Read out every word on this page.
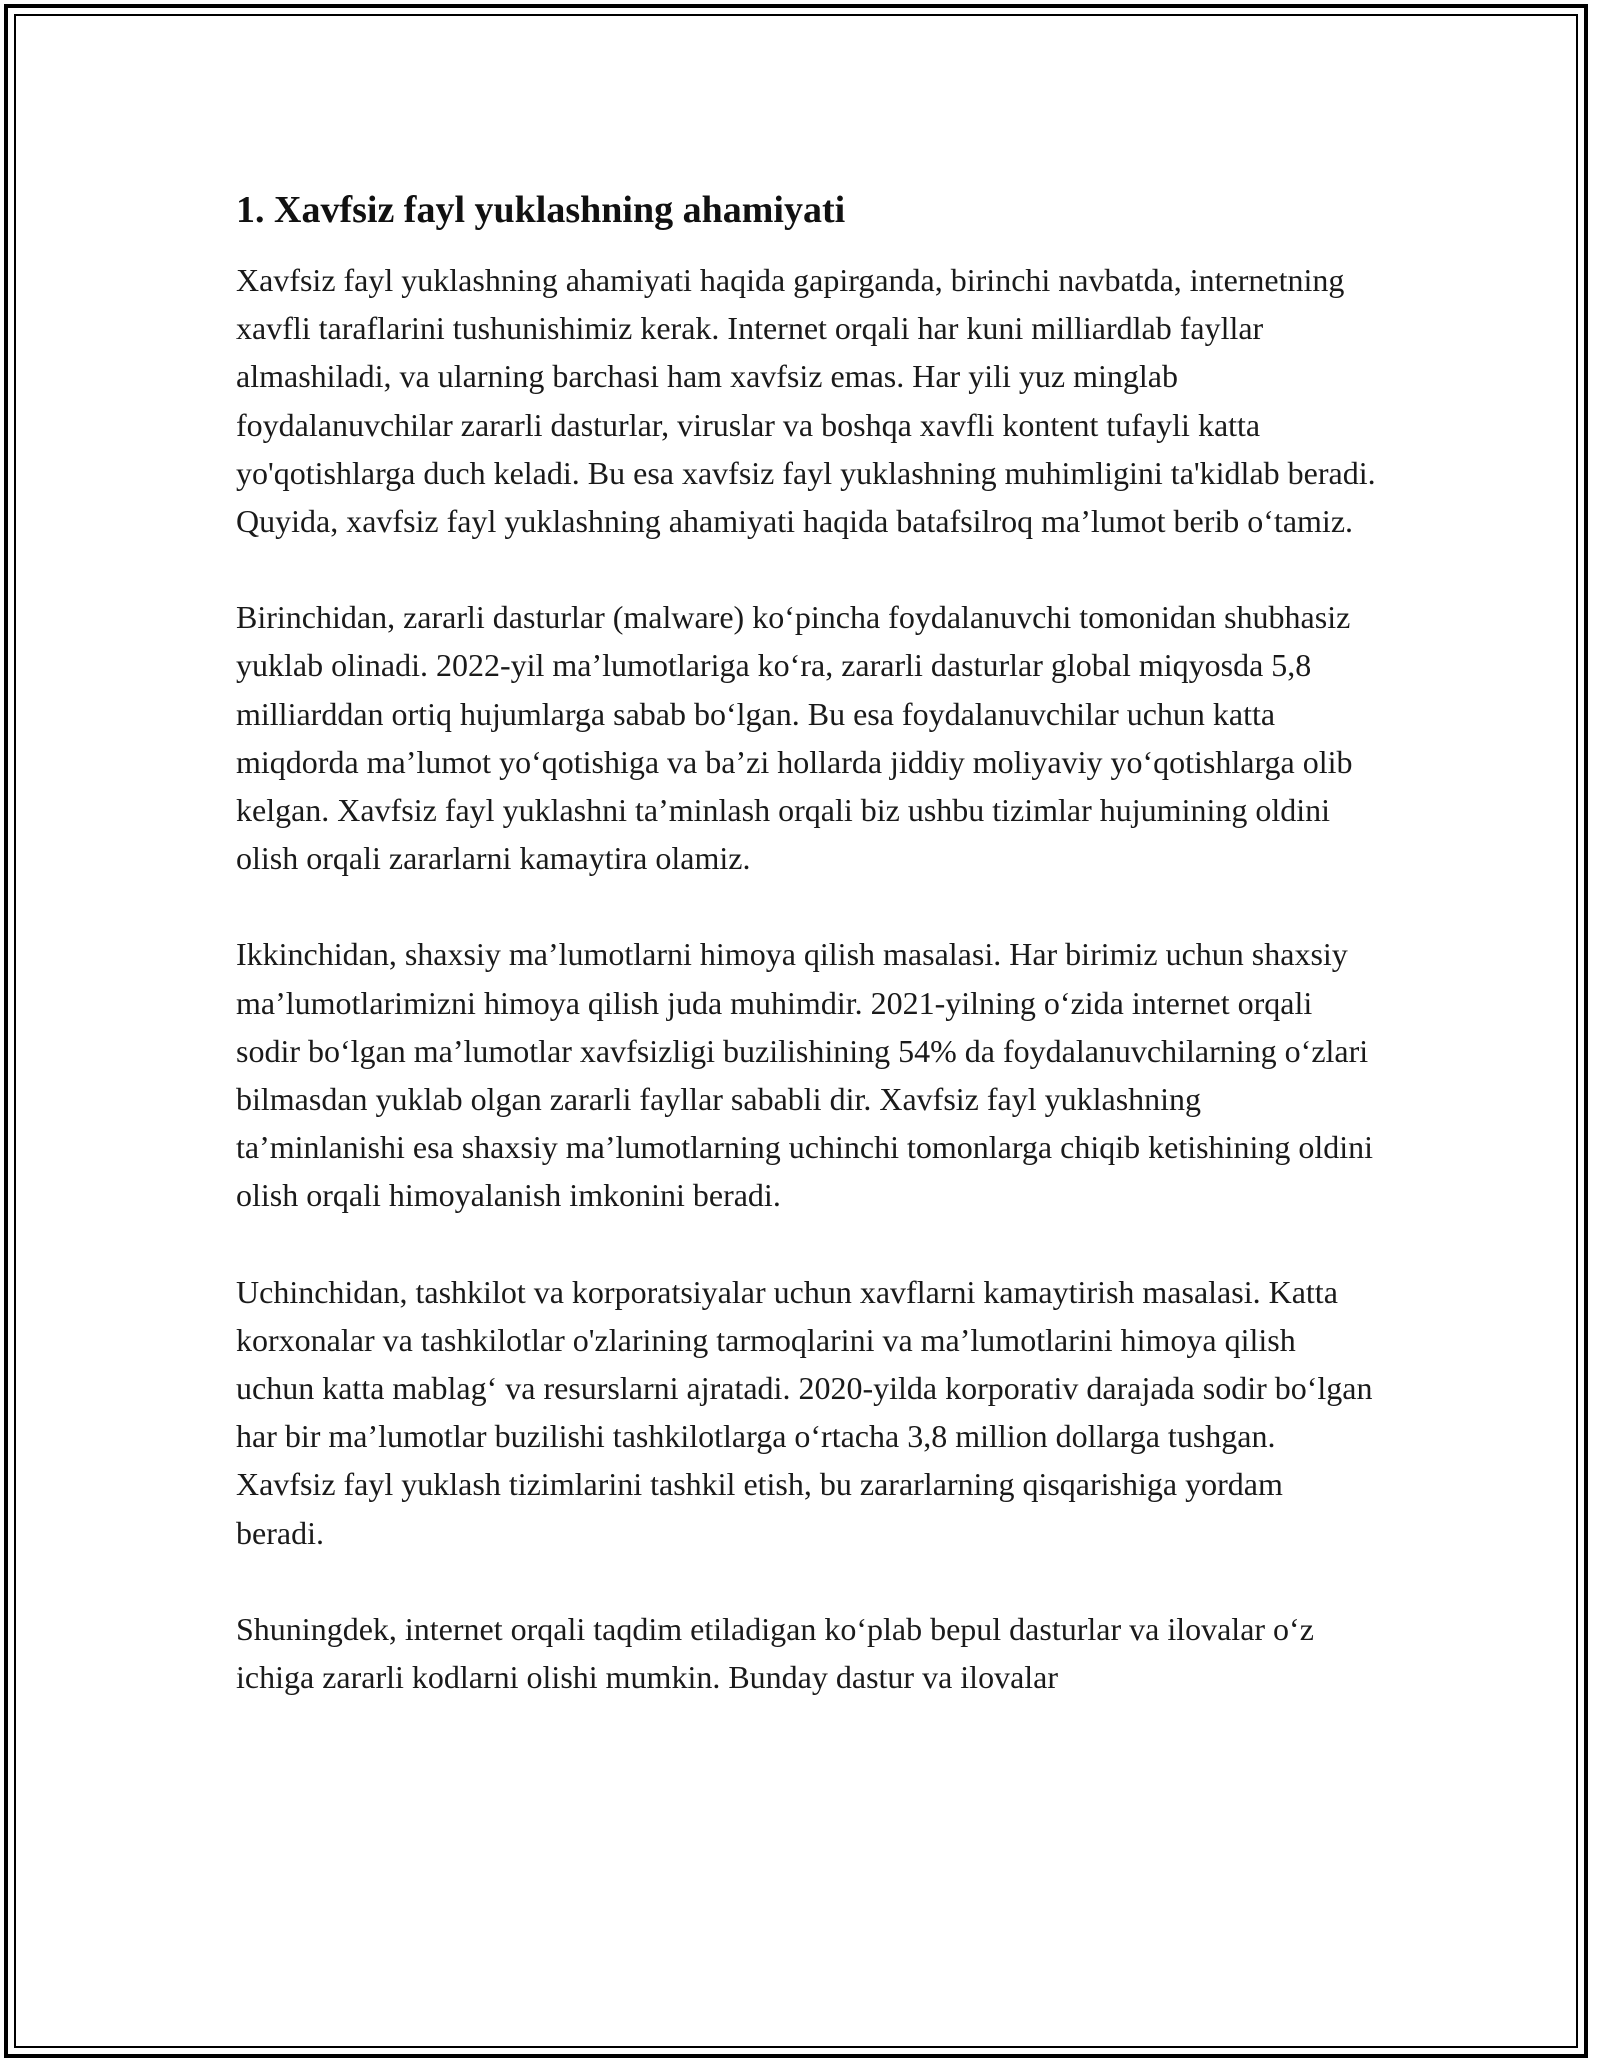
1. Xavfsiz fayl yuklashning ahamiyati

Xavfsiz fayl yuklashning ahamiyati haqida gapirganda, birinchi navbatda, internetning xavfli taraflarini tushunishimiz kerak. Internet orqali har kuni milliardlab fayllar almashiladi, va ularning barchasi ham xavfsiz emas. Har yili yuz minglab foydalanuvchilar zararli dasturlar, viruslar va boshqa xavfli kontent tufayli katta yo'qotishlarga duch keladi. Bu esa xavfsiz fayl yuklashning muhimligini ta'kidlab beradi. Quyida, xavfsiz fayl yuklashning ahamiyati haqida batafsilroq ma’lumot berib o‘tamiz.

Birinchidan, zararli dasturlar (malware) ko‘pincha foydalanuvchi tomonidan shubhasiz yuklab olinadi. 2022-yil ma’lumotlariga ko‘ra, zararli dasturlar global miqyosda 5,8 milliarddan ortiq hujumlarga sabab bo‘lgan. Bu esa foydalanuvchilar uchun katta miqdorda ma’lumot yo‘qotishiga va ba’zi hollarda jiddiy moliyaviy yo‘qotishlarga olib kelgan. Xavfsiz fayl yuklashni ta’minlash orqali biz ushbu tizimlar hujumining oldini olish orqali zararlarni kamaytira olamiz.

Ikkinchidan, shaxsiy ma’lumotlarni himoya qilish masalasi. Har birimiz uchun shaxsiy ma’lumotlarimizni himoya qilish juda muhimdir. 2021-yilning o‘zida internet orqali sodir bo‘lgan ma’lumotlar xavfsizligi buzilishining 54% da foydalanuvchilarning o‘zlari bilmasdan yuklab olgan zararli fayllar sababli dir. Xavfsiz fayl yuklashning ta’minlanishi esa shaxsiy ma’lumotlarning uchinchi tomonlarga chiqib ketishining oldini olish orqali himoyalanish imkonini beradi.

Uchinchidan, tashkilot va korporatsiyalar uchun xavflarni kamaytirish masalasi. Katta korxonalar va tashkilotlar o'zlarining tarmoqlarini va ma’lumotlarini himoya qilish uchun katta mablag‘ va resurslarni ajratadi. 2020-yilda korporativ darajada sodir bo‘lgan har bir ma’lumotlar buzilishi tashkilotlarga o‘rtacha 3,8 million dollarga tushgan. Xavfsiz fayl yuklash tizimlarini tashkil etish, bu zararlarning qisqarishiga yordam beradi.

Shuningdek, internet orqali taqdim etiladigan ko‘plab bepul dasturlar va ilovalar o‘z ichiga zararli kodlarni olishi mumkin. Bunday dastur va ilovalar
